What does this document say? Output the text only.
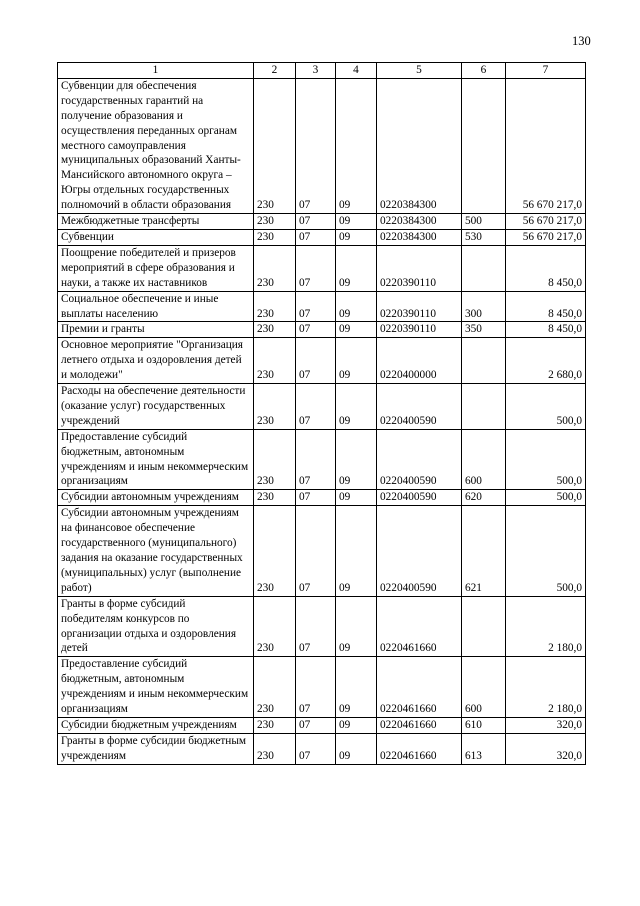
130
1	2	3	4	5	6	7
Субвенции для обеспечения государственных гарантий на получение образования и осуществления переданных органам местного самоуправления муниципальных образований Ханты-Мансийского автономного округа – Югры отдельных государственных полномочий в области образования	230	07	09	0220384300		56 670 217,0
Межбюджетные трансферты	230	07	09	0220384300	500	56 670 217,0
Субвенции	230	07	09	0220384300	530	56 670 217,0
Поощрение победителей и призеров мероприятий в сфере образования и науки, а также их наставников	230	07	09	0220390110		8 450,0
Социальное обеспечение и иные выплаты населению	230	07	09	0220390110	300	8 450,0
Премии и гранты	230	07	09	0220390110	350	8 450,0
Основное мероприятие "Организация летнего отдыха и оздоровления детей и молодежи"	230	07	09	0220400000		2 680,0
Расходы на обеспечение деятельности (оказание услуг) государственных учреждений	230	07	09	0220400590		500,0
Предоставление субсидий бюджетным, автономным учреждениям и иным некоммерческим организациям	230	07	09	0220400590	600	500,0
Субсидии автономным учреждениям	230	07	09	0220400590	620	500,0
Субсидии автономным учреждениям на финансовое обеспечение государственного (муниципального) задания на оказание государственных (муниципальных) услуг (выполнение работ)	230	07	09	0220400590	621	500,0
Гранты в форме субсидий победителям конкурсов по организации отдыха и оздоровления детей	230	07	09	0220461660		2 180,0
Предоставление субсидий бюджетным, автономным учреждениям и иным некоммерческим организациям	230	07	09	0220461660	600	2 180,0
Субсидии бюджетным учреждениям	230	07	09	0220461660	610	320,0
Гранты в форме субсидии бюджетным учреждениям	230	07	09	0220461660	613	320,0
